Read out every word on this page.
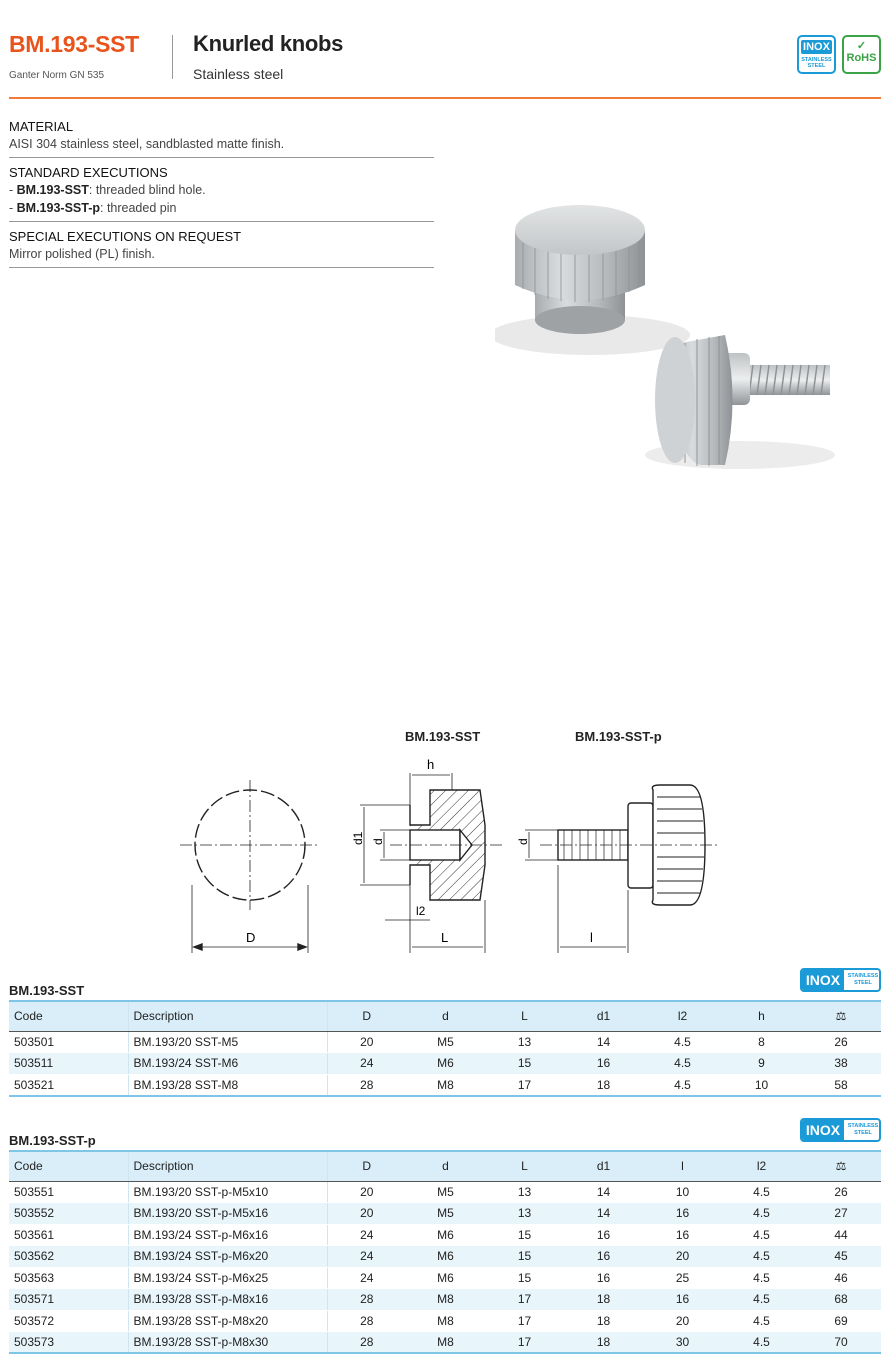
BM.193-SST
Ganter Norm GN 535
Knurled knobs
Stainless steel
INOX
STAINLESS STEEL
✓
RoHS
MATERIAL
AISI 304 stainless steel, sandblasted matte finish.
STANDARD EXECUTIONS
- BM.193-SST: threaded blind hole.
- BM.193-SST-p: threaded pin
SPECIAL EXECUTIONS ON REQUEST
Mirror polished (PL) finish.
BM.193-SST	BM.193-SST-p
D
h
d1 d
l2
L
d
l
BM.193-SST
INOX	STAINLESS STEEL
Code	Description	D	d	L	d1	l2	h	⚖
503501	BM.193/20 SST-M5	20	M5	13	14	4.5	8	26
503511	BM.193/24 SST-M6	24	M6	15	16	4.5	9	38
503521	BM.193/28 SST-M8	28	M8	17	18	4.5	10	58
BM.193-SST-p
INOX	STAINLESS STEEL
Code	Description	D	d	L	d1	l	l2	⚖
503551	BM.193/20 SST-p-M5x10	20	M5	13	14	10	4.5	26
503552	BM.193/20 SST-p-M5x16	20	M5	13	14	16	4.5	27
503561	BM.193/24 SST-p-M6x16	24	M6	15	16	16	4.5	44
503562	BM.193/24 SST-p-M6x20	24	M6	15	16	20	4.5	45
503563	BM.193/24 SST-p-M6x25	24	M6	15	16	25	4.5	46
503571	BM.193/28 SST-p-M8x16	28	M8	17	18	16	4.5	68
503572	BM.193/28 SST-p-M8x20	28	M8	17	18	20	4.5	69
503573	BM.193/28 SST-p-M8x30	28	M8	17	18	30	4.5	70
